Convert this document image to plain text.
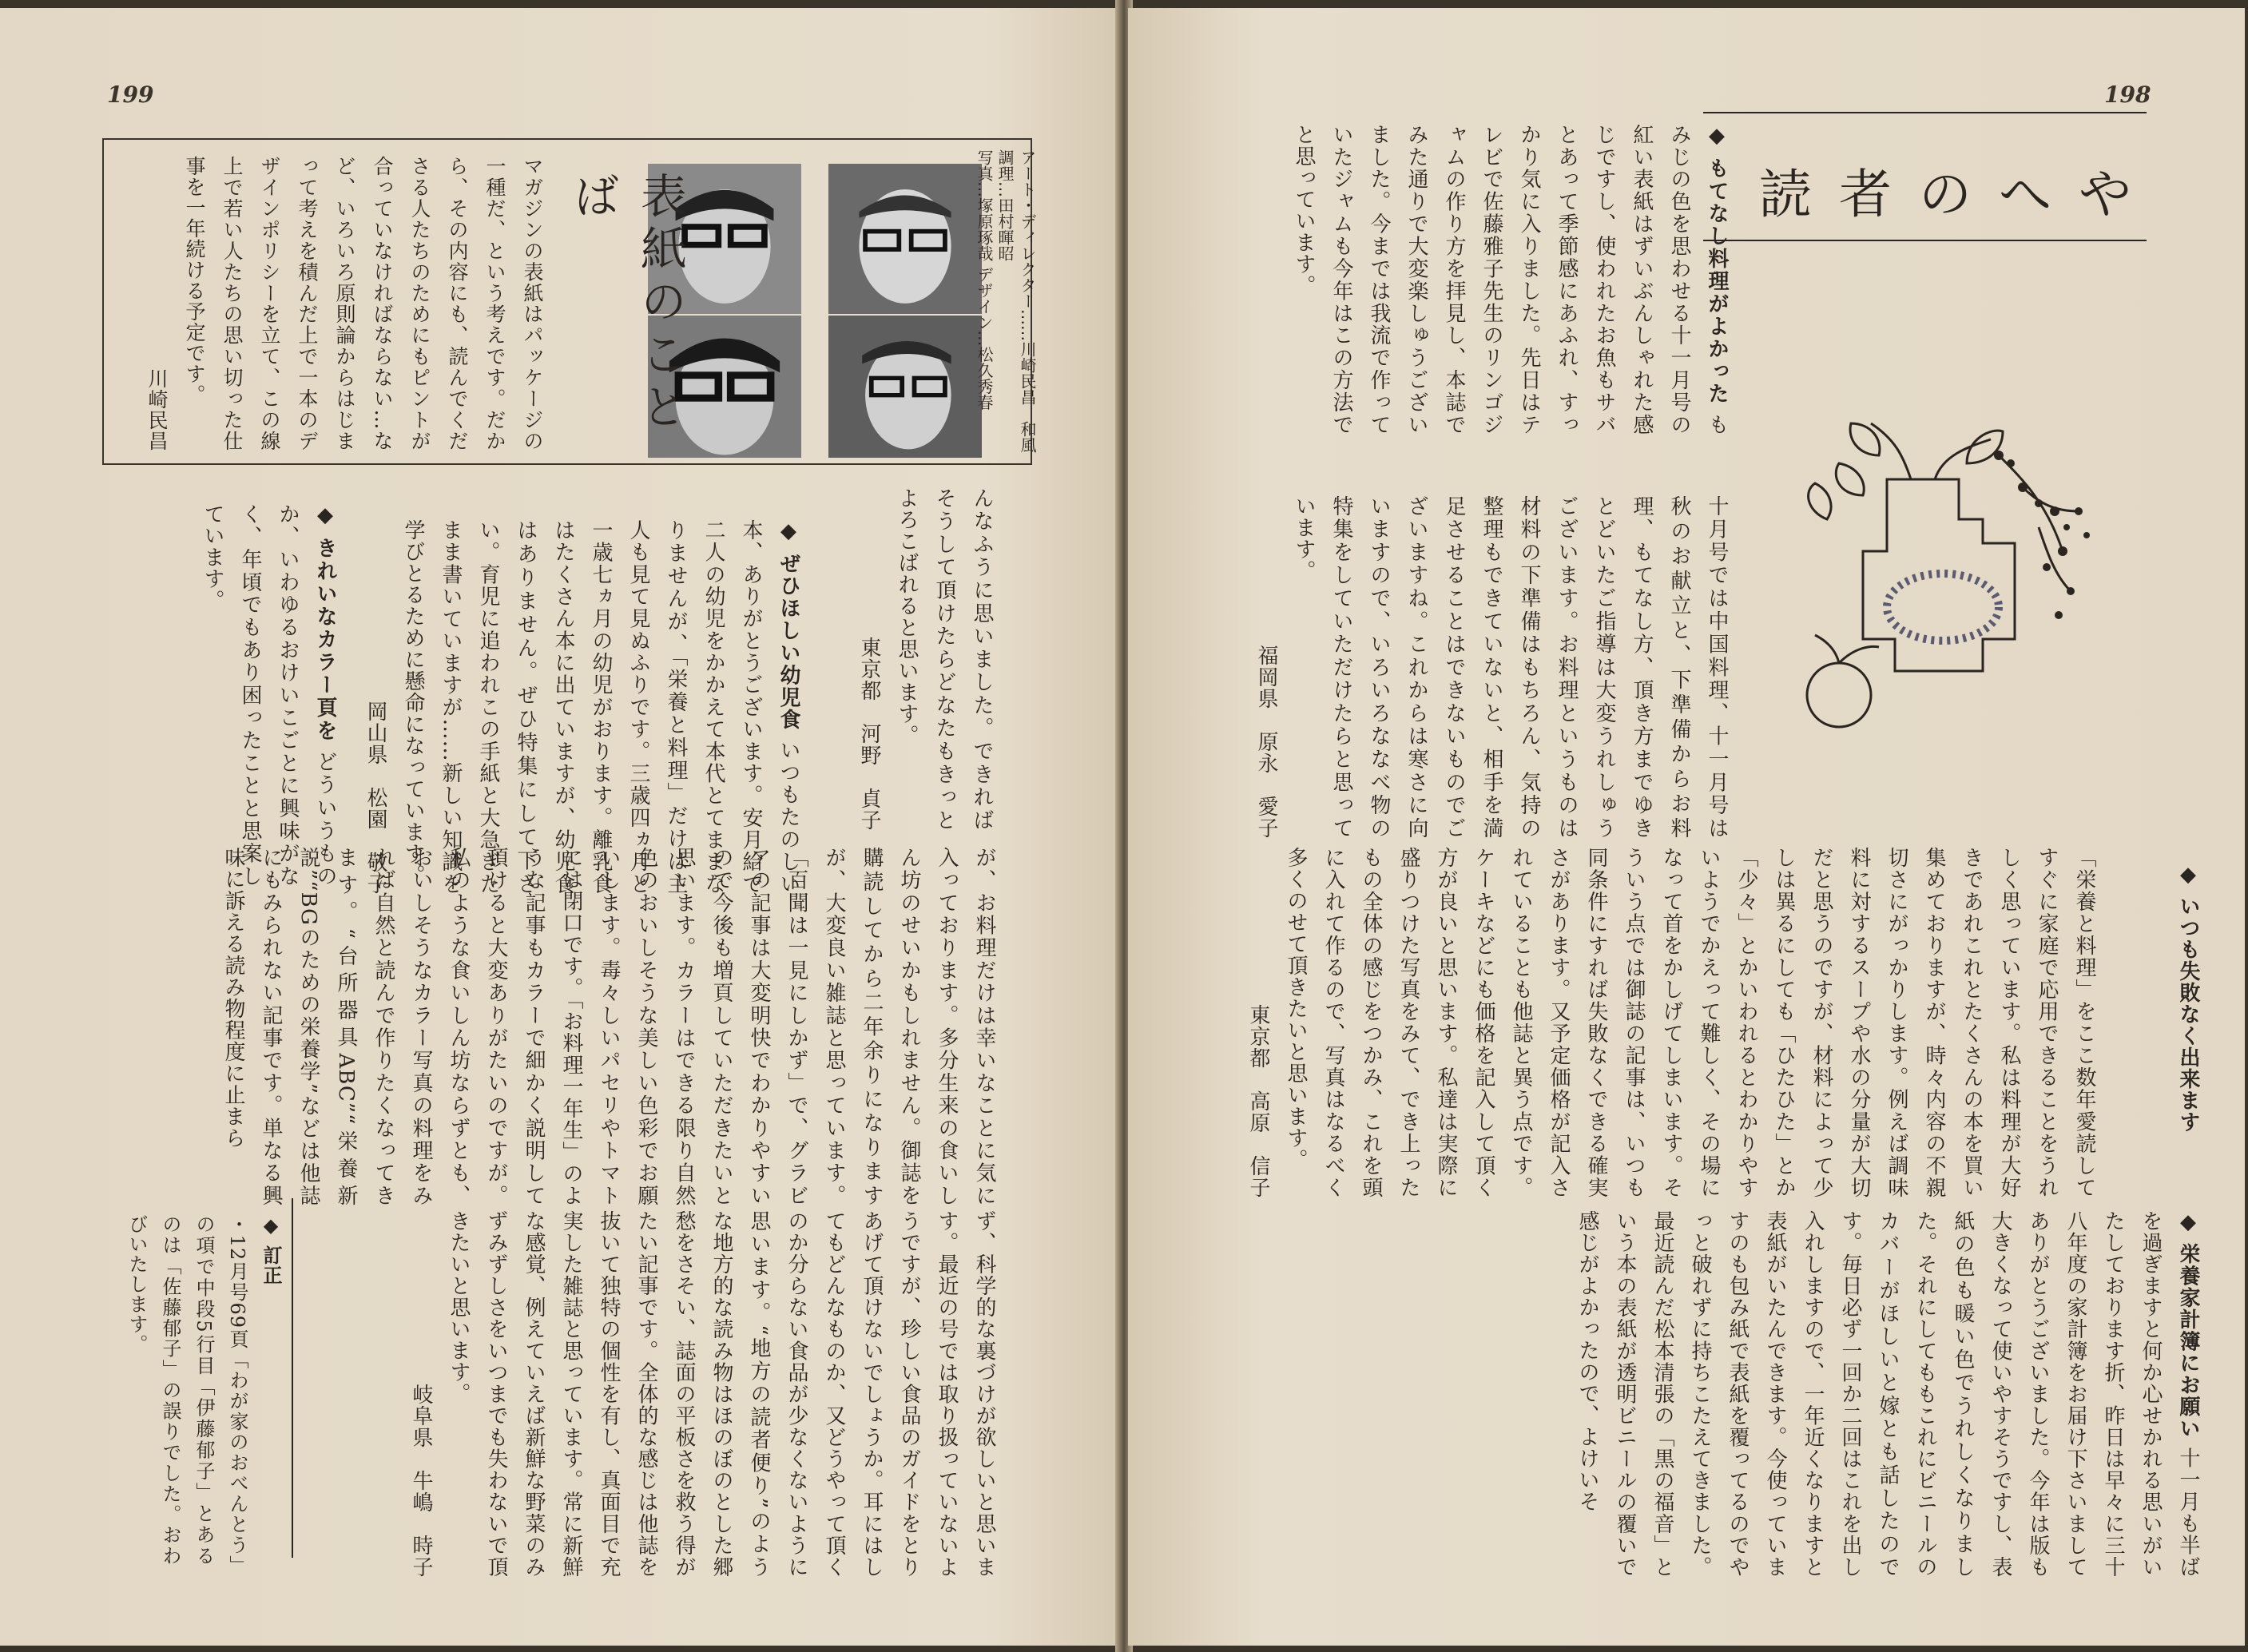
199
アート・ディレクター……川崎民昌　和風調理…田村暉昭
写真…塚原琢哉 デザイン…松久秀春
表紙のことば
マガジンの表紙はパッケージの一種だ、という考えです。だから、その内容にも、読んでくださる人たちのためにもピントが合っていなければならない…など、いろいろ原則論からはじまって考えを積んだ上で一本のデザインポリシーを立て、この線上で若い人たちの思い切った仕事を一年続ける予定です。
川崎民昌
んなふうに思いました。できればそうして頂けたらどなたもきっとよろこばれると思います。
東京都　河野　貞子
◆ ぜひほしい幼児食 いつもたのしい本、ありがとうございます。安月給で二人の幼児をかかえて本代とてままなりませんが、「栄養と料理」だけは主人も見て見ぬふりです。三歳四ヵ月と一歳七ヵ月の幼児がおります。離乳食はたくさん本に出ていますが、幼児食はありません。ぜひ特集にして下さい。育児に追われこの手紙と大急ぎたまま書いていますが……新しい知識を学びとるために懸命になっています。
岡山県　松園　敬子
◆ きれいなカラー頁を どういうものか、いわゆるおけいこごとに興味がなく、年頃でもあり困ったことと思案しています。
が、お料理だけは幸いなことに気に入っております。多分生来の食いしん坊のせいかもしれません。御誌を購読してから二年余りになりますが、大変良い雑誌と思っています。「百聞は一見にしかず」で、グラビアの記事は大変明快でわかりやすいので今後も増頁していただきたいと思います。カラーはできる限り自然色のおいしそうな美しい色彩でお願いします。毒々しいパセリやトマトには閉口です。「お料理一年生」のような記事もカラーで細かく説明して頂けると大変ありがたいのですが。私のような食いしん坊ならずとも、おいしそうなカラー写真の料理をみれば自然と読んで作りたくなってきます。“台所器具ABC”“栄養新説”“BGのための栄養学”などは他誌にもみられない記事です。単なる興味に訴える読み物程度に止まら
ず、科学的な裏づけが欲しいと思います。最近の号では取り扱っていないようですが、珍しい食品のガイドをとりあげて頂けないでしょうか。耳にはしてもどんなものか、又どうやって頂くのか分らない食品が少なくないように思います。“地方の読者便り”のような地方的な読み物はほのぼのとした郷愁をさそい、誌面の平板さを救う得がたい記事です。全体的な感じは他誌を抜いて独特の個性を有し、真面目で充実した雑誌と思っています。常に新鮮な感覚、例えていえば新鮮な野菜のみずみずしさをいつまでも失わないで頂きたいと思います。
岐阜県　牛嶋　時子
◆ 訂正
・12月号69頁「わが家のおべんとう」の項で中段5行目「伊藤郁子」とあるのは「佐藤郁子」の誤りでした。おわびいたします。
198
読者のへや
◆ いつも失敗なく出来ます
◆ もてなし料理がよかった もみじの色を思わせる十一月号の紅い表紙はずいぶんしゃれた感じですし、使われたお魚もサバとあって季節感にあふれ、すっかり気に入りました。先日はテレビで佐藤雅子先生のリンゴジャムの作り方を拝見し、本誌でみた通りで大変楽しゅうございました。今までは我流で作っていたジャムも今年はこの方法でと思っています。
十月号では中国料理、十一月号は秋のお献立と、下準備からお料理、もてなし方、頂き方までゆきとどいたご指導は大変うれしゅうございます。お料理というものは材料の下準備はもちろん、気持の整理もできていないと、相手を満足させることはできないものでございますね。これからは寒さに向いますので、いろいろななべ物の特集をしていただけたらと思っています。
福岡県　原永　愛子
「栄養と料理」をここ数年愛読してすぐに家庭で応用できることをうれしく思っています。私は料理が大好きであれこれとたくさんの本を買い集めておりますが、時々内容の不親切さにがっかりします。例えば調味料に対するスープや水の分量が大切だと思うのですが、材料によって少しは異るにしても「ひたひた」とか「少々」とかいわれるとわかりやすいようでかえって難しく、その場になって首をかしげてしまいます。そういう点では御誌の記事は、いつも同条件にすれば失敗なくできる確実さがあります。又予定価格が記入されていることも他誌と異う点です。ケーキなどにも価格を記入して頂く方が良いと思います。私達は実際に盛りつけた写真をみて、でき上ったもの全体の感じをつかみ、これを頭に入れて作るので、写真はなるべく多くのせて頂きたいと思います。
東京都　高原　信子
◆ 栄養家計簿にお願い 十一月も半ばを過ぎますと何か心せかれる思いがいたしております折、昨日は早々に三十八年度の家計簿をお届け下さいましてありがとうございました。今年は版も大きくなって使いやすそうですし、表紙の色も暖い色でうれしくなりました。それにしてももこれにビニールのカバーがほしいと嫁とも話したのです。毎日必ず一回か二回はこれを出し入れしますので、一年近くなりますと表紙がいたんできます。今使っていますのも包み紙で表紙を覆ってるのでやっと破れずに持ちこたえてきました。最近読んだ松本清張の「黒の福音」という本の表紙が透明ビニールの覆いで感じがよかったので、よけいそ
